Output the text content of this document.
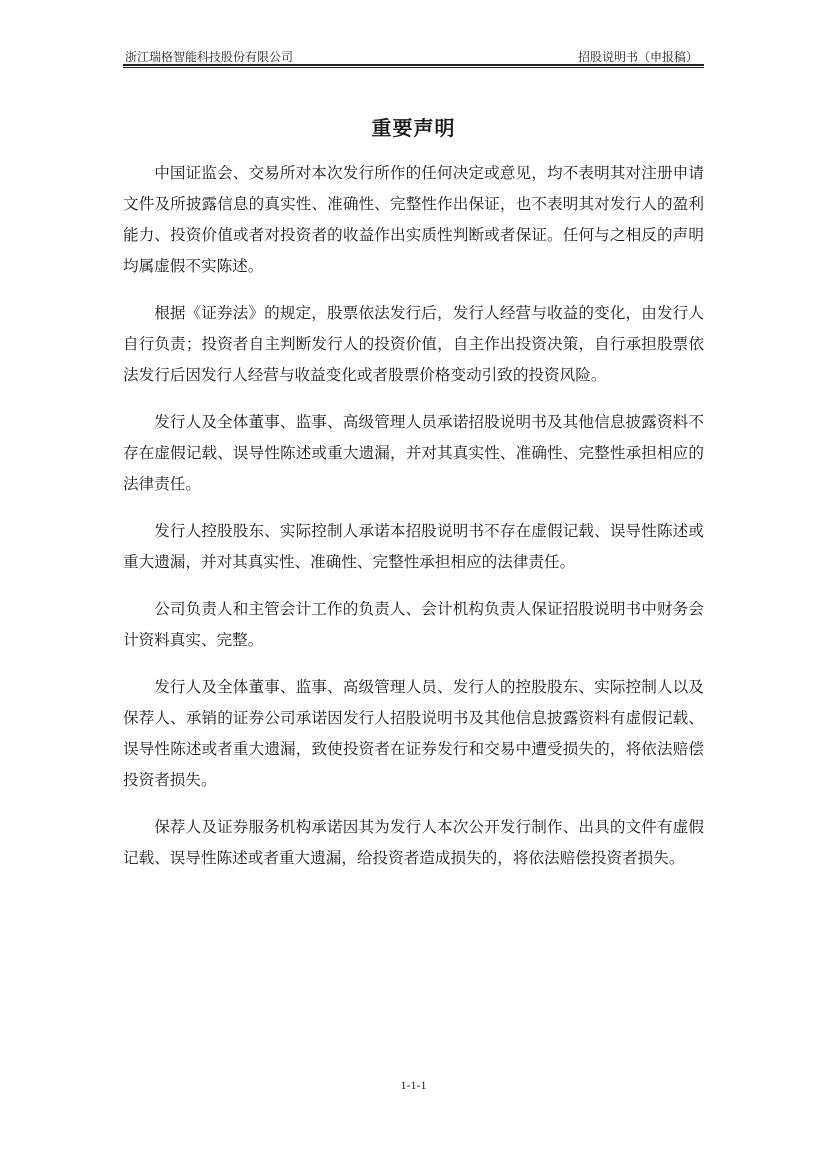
浙江瑞格智能科技股份有限公司	招股说明书（申报稿）
重要声明

中国证监会、交易所对本次发行所作的任何决定或意见，均不表明其对注册申请文件及所披露信息的真实性、准确性、完整性作出保证，也不表明其对发行人的盈利能力、投资价值或者对投资者的收益作出实质性判断或者保证。任何与之相反的声明均属虚假不实陈述。

根据《证券法》的规定，股票依法发行后，发行人经营与收益的变化，由发行人自行负责；投资者自主判断发行人的投资价值，自主作出投资决策，自行承担股票依法发行后因发行人经营与收益变化或者股票价格变动引致的投资风险。

发行人及全体董事、监事、高级管理人员承诺招股说明书及其他信息披露资料不存在虚假记载、误导性陈述或重大遗漏，并对其真实性、准确性、完整性承担相应的法律责任。

发行人控股股东、实际控制人承诺本招股说明书不存在虚假记载、误导性陈述或重大遗漏，并对其真实性、准确性、完整性承担相应的法律责任。

公司负责人和主管会计工作的负责人、会计机构负责人保证招股说明书中财务会计资料真实、完整。

发行人及全体董事、监事、高级管理人员、发行人的控股股东、实际控制人以及保荐人、承销的证券公司承诺因发行人招股说明书及其他信息披露资料有虚假记载、误导性陈述或者重大遗漏，致使投资者在证券发行和交易中遭受损失的，将依法赔偿投资者损失。

保荐人及证券服务机构承诺因其为发行人本次公开发行制作、出具的文件有虚假记载、误导性陈述或者重大遗漏，给投资者造成损失的，将依法赔偿投资者损失。

1-1-1
